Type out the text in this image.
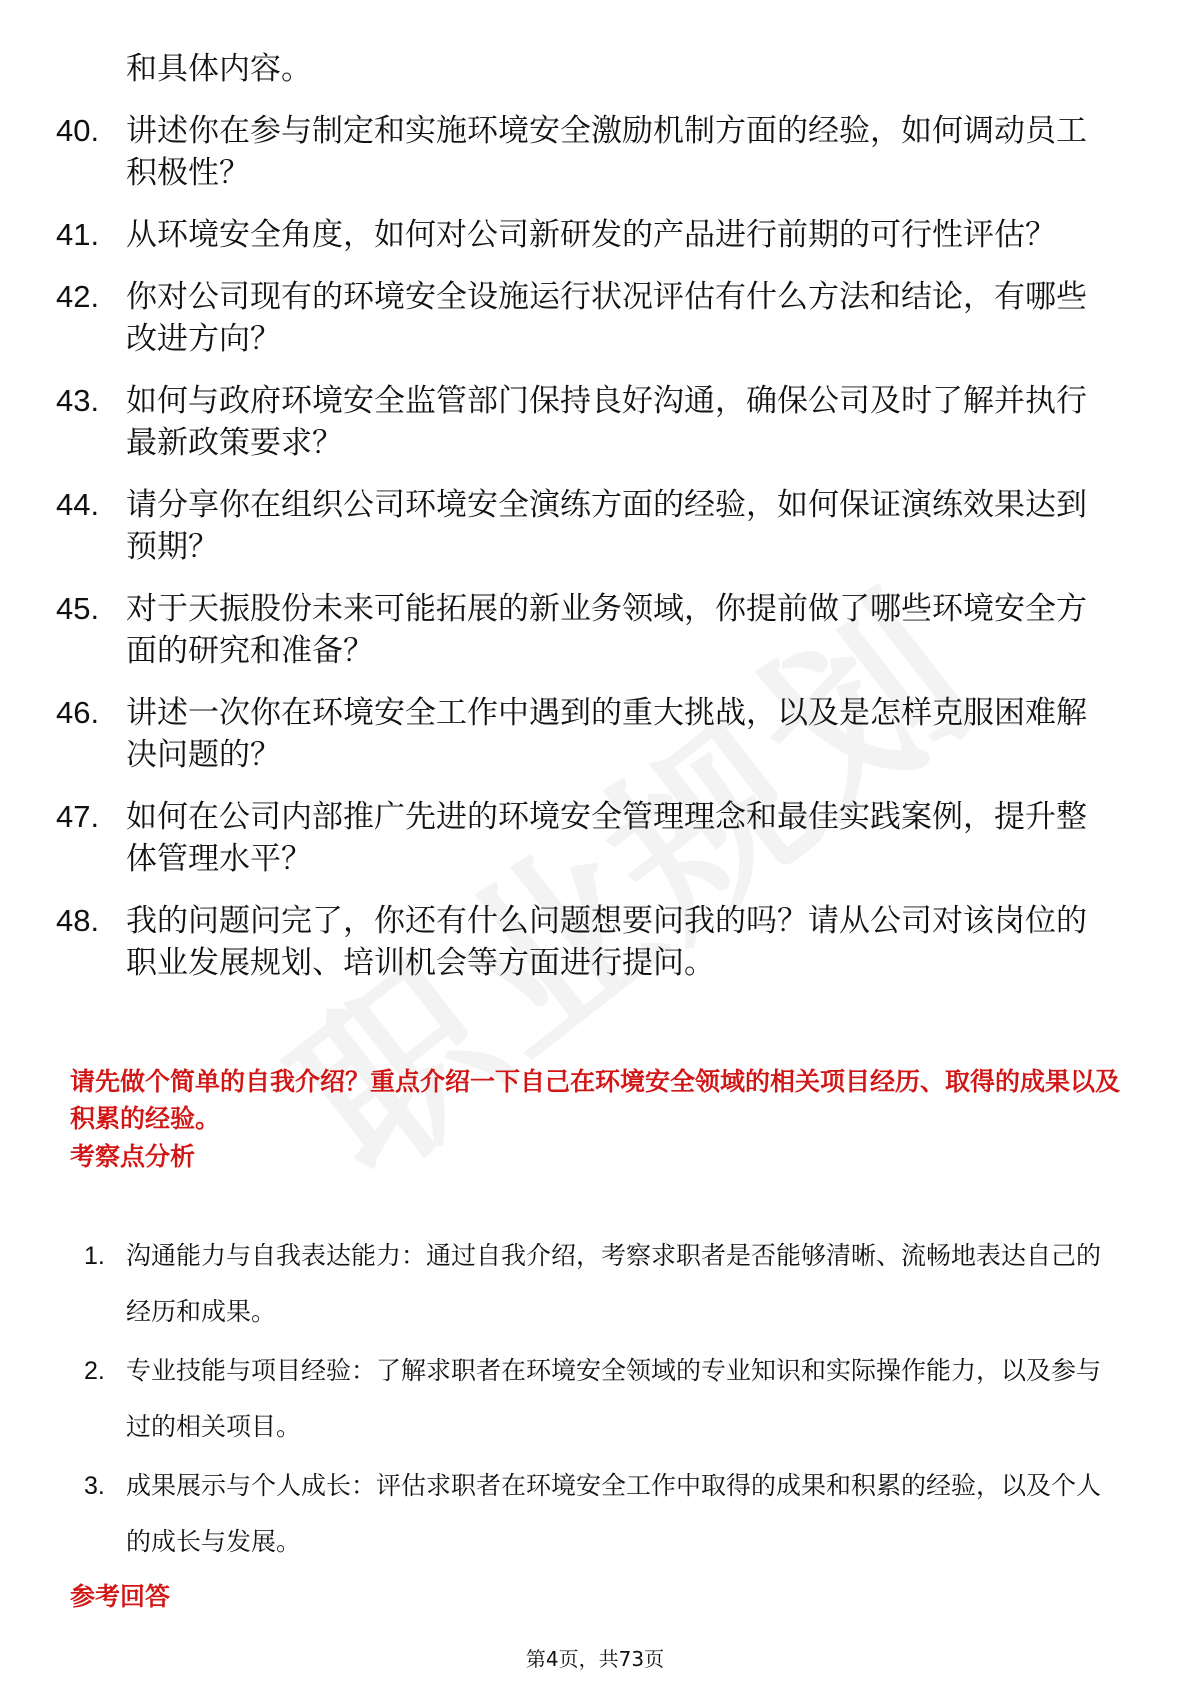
和具体内容。

40. 讲述你在参与制定和实施环境安全激励机制方面的经验，如何调动员工积极性？
41. 从环境安全角度，如何对公司新研发的产品进行前期的可行性评估？
42. 你对公司现有的环境安全设施运行状况评估有什么方法和结论，有哪些改进方向？
43. 如何与政府环境安全监管部门保持良好沟通，确保公司及时了解并执行最新政策要求？
44. 请分享你在组织公司环境安全演练方面的经验，如何保证演练效果达到预期？
45. 对于天振股份未来可能拓展的新业务领域，你提前做了哪些环境安全方面的研究和准备？
46. 讲述一次你在环境安全工作中遇到的重大挑战，以及是怎样克服困难解决问题的？
47. 如何在公司内部推广先进的环境安全管理理念和最佳实践案例，提升整体管理水平？
48. 我的问题问完了，你还有什么问题想要问我的吗？请从公司对该岗位的职业发展规划、培训机会等方面进行提问。

请先做个简单的自我介绍？重点介绍一下自己在环境安全领域的相关项目经历、取得的成果以及积累的经验。

考察点分析
1. 沟通能力与自我表达能力：通过自我介绍，考察求职者是否能够清晰、流畅地表达自己的经历和成果。
2. 专业技能与项目经验：了解求职者在环境安全领域的专业知识和实际操作能力，以及参与过的相关项目。
3. 成果展示与个人成长：评估求职者在环境安全工作中取得的成果和积累的经验，以及个人的成长与发展。
参考回答

第4页，共73页
